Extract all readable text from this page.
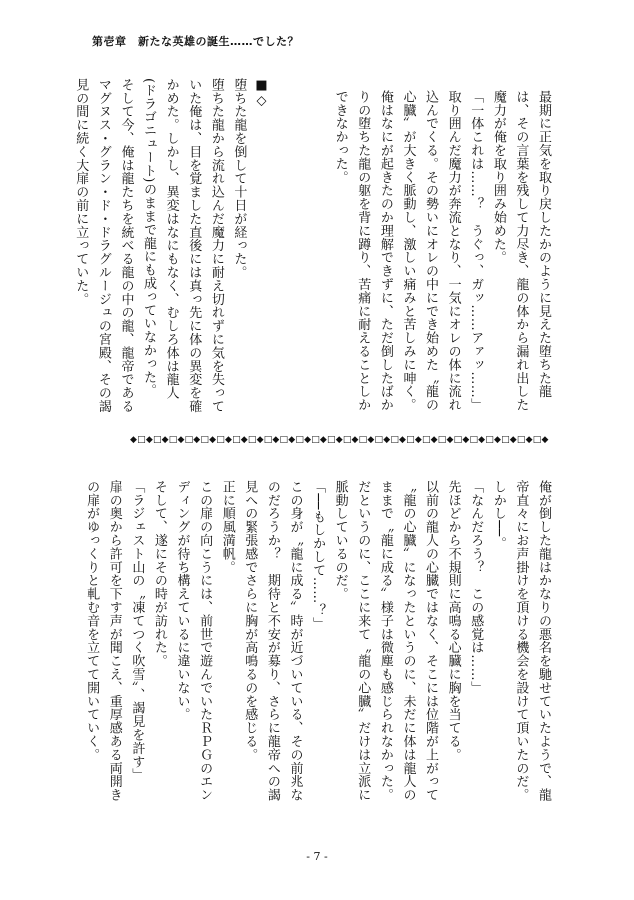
第壱章　新たな英雄の誕生……でした？

最期に正気を取り戻したかのように見えた堕ちた龍は、その言葉を残して力尽き、龍の体から漏れ出した魔力が俺を取り囲み始めた。

「一体これは……？　うぐっ、ガッ……アァッ……」

取り囲んだ魔力が奔流となり、一気にオレの体に流れ込んでくる。その勢いにオレの中にでき始めた〝龍の心臓〟が大きく脈動し、激しい痛みと苦しみに呻く。

俺はなにが起きたのか理解できずに、ただ倒したばかりの堕ちた龍の躯を背に蹲り、苦痛に耐えることしかできなかった。

■◇

堕ちた龍を倒して十日が経った。

堕ちた龍から流れ込んだ魔力に耐え切れずに気を失っていた俺は、目を覚ました直後には真っ先に体の異変を確かめた。しかし、異変はなにもなく、むしろ体は龍人(ドラゴニュート)のままで龍にも成っていなかった。

そして今、俺は龍たちを統べる龍の中の龍、龍帝であるマグヌス・グラン・ド・ドラグルージュの宮殿、その謁見の間に続く大扉の前に立っていた。

◆□◆□◆□◆□◆□◆□◆□◆□◆□◆□◆□◆□◆□◆□◆□◆□◆□◆□◆□◆□◆□◆□◆□◆□◆□◆□◆

俺が倒した龍はかなりの悪名を馳せていたようで、龍帝直々にお声掛けを頂ける機会を設けて頂いたのだ。しかし──。

「なんだろう？　この感覚は……」

先ほどから不規則に高鳴る心臓に胸を当てる。

以前の龍人の心臓ではなく、そこには位階が上がって〝龍の心臓〟になったというのに、未だに体は龍人のままで〝龍に成る〟様子は微塵も感じられなかった。だというのに、ここに来て〝龍の心臓〟だけは立派に脈動しているのだ。

「──もしかして……？」

この身が〝龍に成る〟時が近づいている、その前兆なのだろうか？　期待と不安が募り、さらに龍帝への謁見への緊張感でさらに胸が高鳴るのを感じる。

正に順風満帆。

この扉の向こうには、前世で遊んでいたＲＰＧのエンディングが待ち構えているに違いない。

そして、遂にその時が訪れた。

「ラジェスト山の〝凍てつく吹雪〟、謁見を許す」

扉の奥から許可を下す声が聞こえ、重厚感ある両開きの扉がゆっくりと軋む音を立てて開いていく。

- 7 -
